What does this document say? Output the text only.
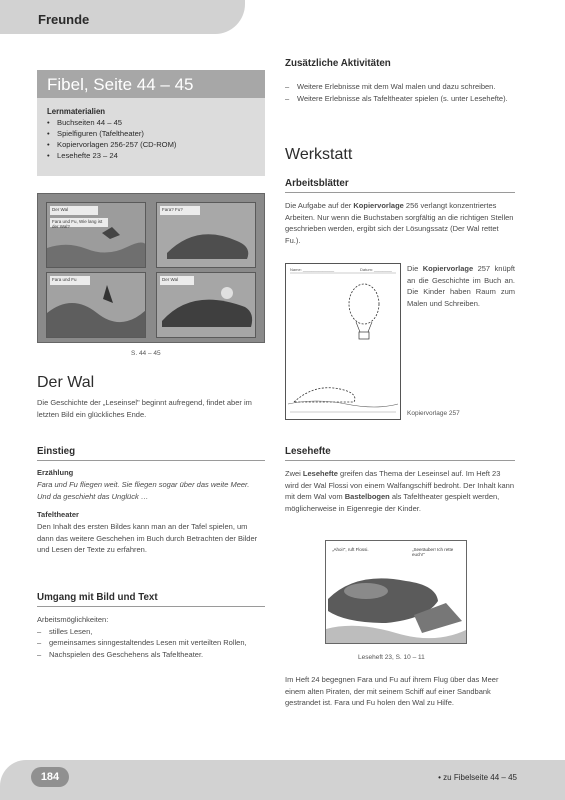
Freunde
Fibel, Seite 44 – 45
Lernmaterialien
• Buchseiten 44 – 45
• Spielfiguren (Tafeltheater)
• Kopiervorlagen 256-257 (CD-ROM)
• Lesehefte 23 – 24
Der Wal
Fara und Fu, Wie lang ist der Wal?
Fara? Fu?
Fara und Fu	Der Wal
S. 44 – 45
Der Wal
Die Geschichte der „Leseinsel" beginnt aufregend, findet aber im letzten Bild ein glückliches Ende.
Einstieg
Erzählung
Fara und Fu fliegen weit. Sie fliegen sogar über das weite Meer. Und da geschieht das Unglück …
Tafeltheater
Den Inhalt des ersten Bildes kann man an der Tafel spielen, um dann das weitere Geschehen im Buch durch Betrachten der Bilder und Lesen der Texte zu erfahren.
Umgang mit Bild und Text
Arbeitsmöglichkeiten:
– stilles Lesen,
– gemeinsames sinngestaltendes Lesen mit verteilten Rollen,
– Nachspielen des Geschehens als Tafeltheater.
Zusätzliche Aktivitäten
– Weitere Erlebnisse mit dem Wal malen und dazu schreiben.
– Weitere Erlebnisse als Tafeltheater spielen (s. unter Lesehefte).
Werkstatt
Arbeitsblätter
Die Aufgabe auf der Kopiervorlage 256 verlangt konzentriertes Arbeiten. Nur wenn die Buchstaben sorgfältig an die richtigen Stellen geschrieben werden, ergibt sich der Lösungssatz (Der Wal rettet Fu.).
Name: ______________	Datum: ________ Die Kopiervorlage 257 knüpft an die Geschichte im Buch an. Die Kinder haben Raum zum Malen und Schreiben.
Kopiervorlage 257
Lesehefte
Zwei Lesehefte greifen das Thema der Leseinsel auf. Im Heft 23 wird der Wal Flossi von einem Walfangschiff bedroht. Der Inhalt kann mit dem Wal vom Bastelbogen als Tafeltheater gespielt werden, möglicherweise in Eigenregie der Kinder.
„Ahoi!", ruft Flossi.	„Seeräuber! Ich rette euch!"
Leseheft 23, S. 10 – 11
Im Heft 24 begegnen Fara und Fu auf ihrem Flug über das Meer einem alten Piraten, der mit seinem Schiff auf einer Sandbank gestrandet ist. Fara und Fu holen den Wal zu Hilfe.
184	• zu Fibelseite 44 – 45
